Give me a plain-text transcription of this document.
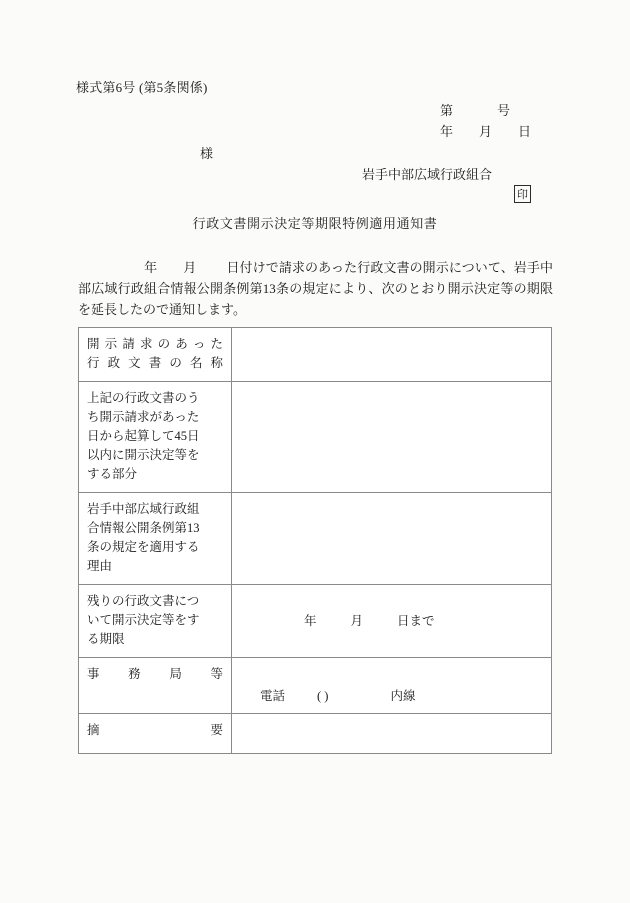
様式第6号 (第5条関係)
第	号
年 月 日
様
岩手中部広域行政組合
印
行政文書開示決定等期限特例適用通知書
年 月 日付けで請求のあった行政文書の開示について、岩手中部広域行政組合情報公開条例第13条の規定により、次のとおり開示決定等の期限を延長したので通知します。
開示請求のあった
行政文書の名称	

上記の行政文書のう
ち開示請求があった
日から起算して45日
以内に開示決定等を
する部分	

岩手中部広域行政組
合情報公開条例第13
条の規定を適用する
理由	

残りの行政文書につ
いて開示決定等をす
る期限	年 月 日まで

事務局等	電話 ( ) 内線

摘要	
